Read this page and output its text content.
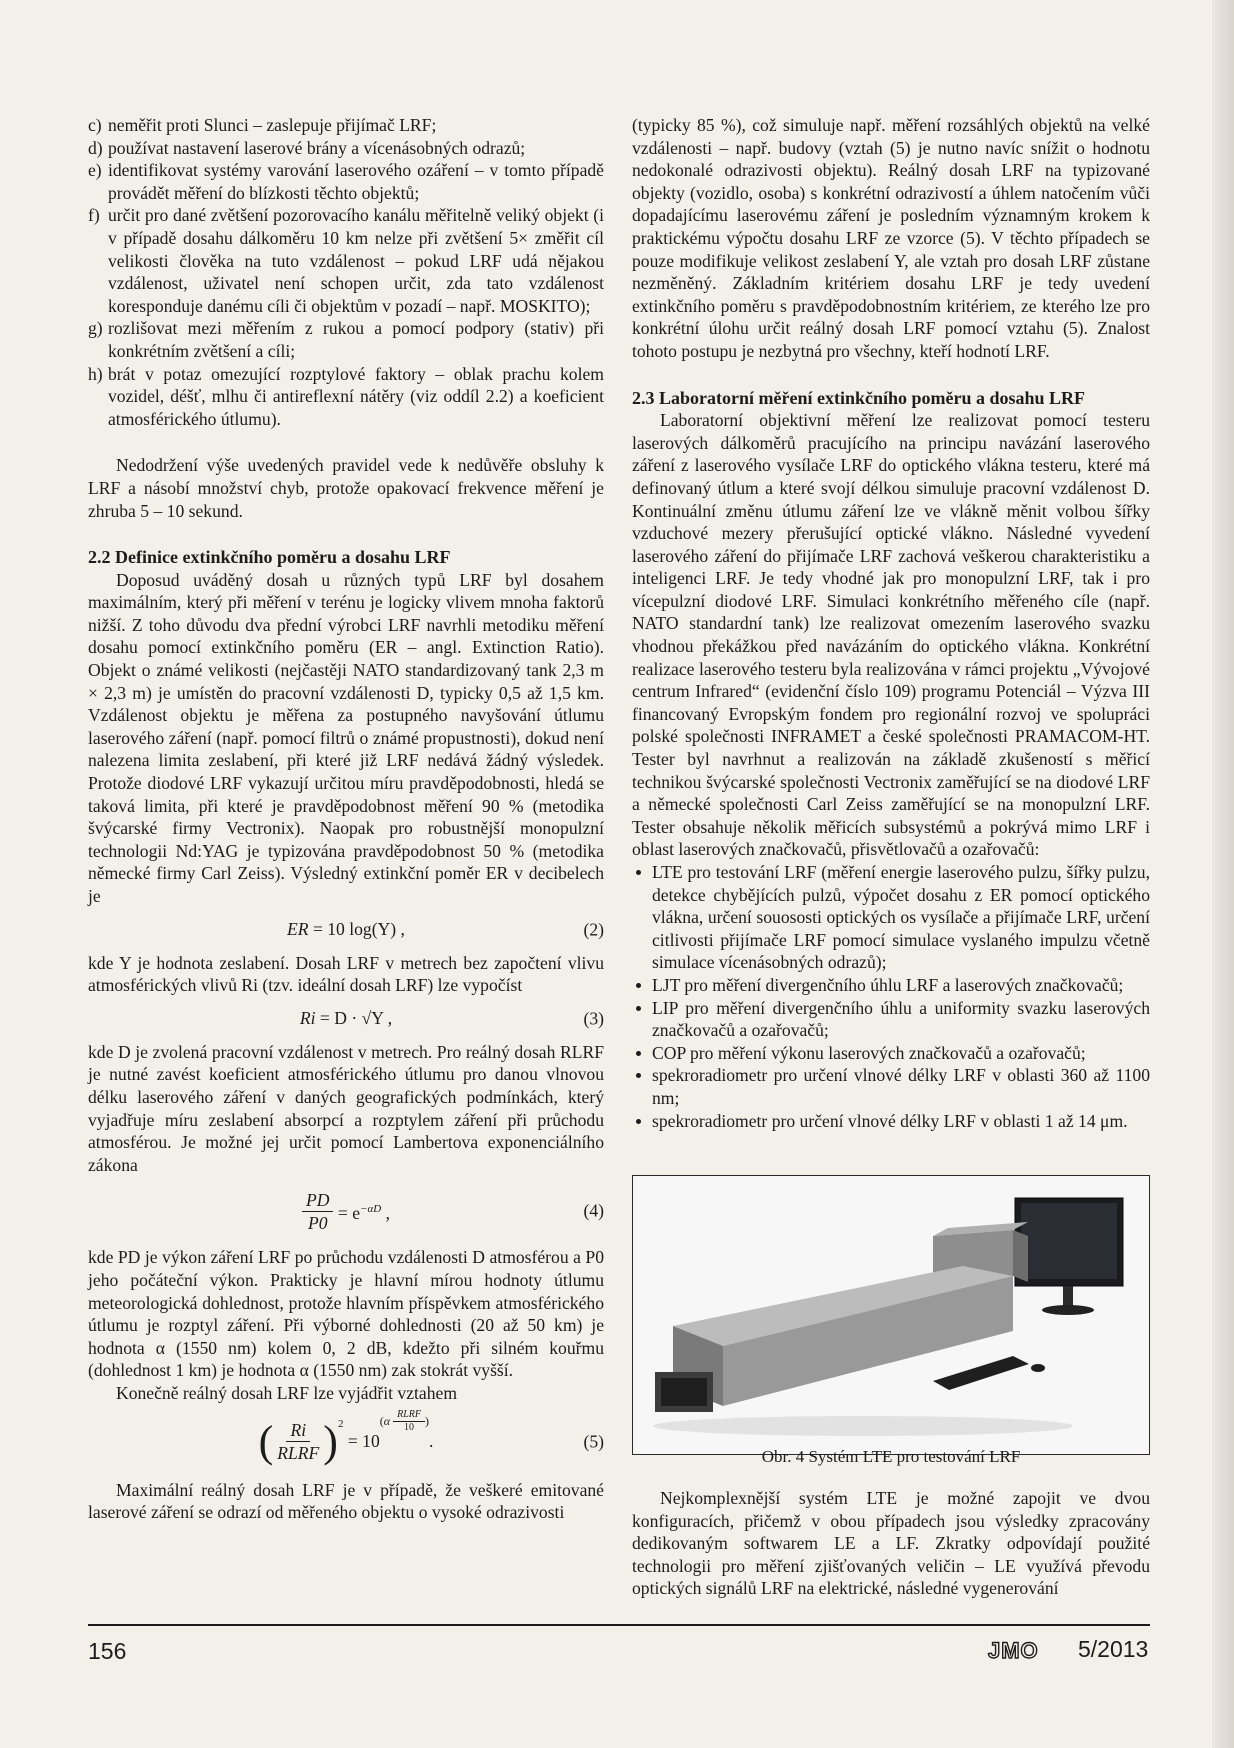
c) neměřit proti Slunci – zaslepuje přijímač LRF;
d) používat nastavení laserové brány a vícenásobných odrazů;
e) identifikovat systémy varování laserového ozáření – v tomto případě provádět měření do blízkosti těchto objektů;
f) určit pro dané zvětšení pozorovacího kanálu měřitelně veliký objekt (i v případě dosahu dálkoměru 10 km nelze při zvětšení 5× změřit cíl velikosti člověka na tuto vzdálenost – pokud LRF udá nějakou vzdálenost, uživatel není schopen určit, zda tato vzdálenost koresponduje danému cíli či objektům v pozadí – např. MOSKITO);
g) rozlišovat mezi měřením z rukou a pomocí podpory (stativ) při konkrétním zvětšení a cíli;
h) brát v potaz omezující rozptylové faktory – oblak prachu kolem vozidel, déšť, mlhu či antireflexní nátěry (viz oddíl 2.2) a koeficient atmosférického útlumu).

Nedodržení výše uvedených pravidel vede k nedůvěře obsluhy k LRF a násobí množství chyb, protože opakovací frekvence měření je zhruba 5 – 10 sekund.

2.2 Definice extinkčního poměru a dosahu LRF

Doposud uváděný dosah u různých typů LRF byl dosahem maximálním, který při měření v terénu je logicky vlivem mnoha faktorů nižší. Z toho důvodu dva přední výrobci LRF navrhli metodiku měření dosahu pomocí extinkčního poměru (ER – angl. Extinction Ratio). Objekt o známé velikosti (nejčastěji NATO standardizovaný tank 2,3 m × 2,3 m) je umístěn do pracovní vzdálenosti D, typicky 0,5 až 1,5 km. Vzdálenost objektu je měřena za postupného navyšování útlumu laserového záření (např. pomocí filtrů o známé propustnosti), dokud není nalezena limita zeslabení, při které již LRF nedává žádný výsledek. Protože diodové LRF vykazují určitou míru pravděpodobnosti, hledá se taková limita, při které je pravděpodobnost měření 90 % (metodika švýcarské firmy Vectronix). Naopak pro robustnější monopulzní technologii Nd:YAG je typizována pravděpodobnost 50 % (metodika německé firmy Carl Zeiss). Výsledný extinkční poměr ER v decibelech je

ER = 10 log(Y) ,	(2)

kde Y je hodnota zeslabení. Dosah LRF v metrech bez započtení vlivu atmosférických vlivů Ri (tzv. ideální dosah LRF) lze vypočíst

Ri = D · √Y ,	(3)

kde D je zvolená pracovní vzdálenost v metrech. Pro reálný dosah RLRF je nutné zavést koeficient atmosférického útlumu pro danou vlnovou délku laserového záření v daných geografických podmínkách, který vyjadřuje míru zeslabení absorpcí a rozptylem záření při průchodu atmosférou. Je možné jej určit pomocí Lambertova exponenciálního zákona

$\frac{PD}{P0} = e^{-\alpha D}$ ,	(4)

kde PD je výkon záření LRF po průchodu vzdálenosti D atmosférou a P0 jeho počáteční výkon. Prakticky je hlavní mírou hodnoty útlumu meteorologická dohlednost, protože hlavním příspěvkem atmosférického útlumu je rozptyl záření. Při výborné dohlednosti (20 až 50 km) je hodnota α (1550 nm) kolem 0, 2 dB, kdežto při silném kouřmu (dohlednost 1 km) je hodnota α (1550 nm) zak stokrát vyšší.

Konečně reálný dosah LRF lze vyjádřit vztahem

( $\frac{Ri}{\text{RLRF}} )^2$
= 10
( α
$\frac{\text{RLRF}}{10}$ )
.	(5)

Maximální reálný dosah LRF je v případě, že veškeré emitované laserové záření se odrazí od měřeného objektu o vysoké odrazivosti

(typicky 85 %), což simuluje např. měření rozsáhlých objektů na velké vzdálenosti – např. budovy (vztah (5) je nutno navíc snížit o hodnotu nedokonalé odrazivosti objektu). Reálný dosah LRF na typizované objekty (vozidlo, osoba) s konkrétní odrazivostí a úhlem natočením vůči dopadajícímu laserovému záření je posledním významným krokem k praktickému výpočtu dosahu LRF ze vzorce (5). V těchto případech se pouze modifikuje velikost zeslabení Y, ale vztah pro dosah LRF zůstane nezměněný. Základním kritériem dosahu LRF je tedy uvedení extinkčního poměru s pravděpodobnostním kritériem, ze kterého lze pro konkrétní úlohu určit reálný dosah LRF pomocí vztahu (5). Znalost tohoto postupu je nezbytná pro všechny, kteří hodnotí LRF.

2.3 Laboratorní měření extinkčního poměru a dosahu LRF

Laboratorní objektivní měření lze realizovat pomocí testeru laserových dálkoměrů pracujícího na principu navázání laserového záření z laserového vysílače LRF do optického vlákna testeru, které má definovaný útlum a které svojí délkou simuluje pracovní vzdálenost D. Kontinuální změnu útlumu záření lze ve vlákně měnit volbou šířky vzduchové mezery přerušující optické vlákno. Následné vyvedení laserového záření do přijímače LRF zachová veškerou charakteristiku a inteligenci LRF. Je tedy vhodné jak pro monopulzní LRF, tak i pro vícepulzní diodové LRF. Simulaci konkrétního měřeného cíle (např. NATO standardní tank) lze realizovat omezením laserového svazku vhodnou překážkou před navázáním do optického vlákna. Konkrétní realizace laserového testeru byla realizována v rámci projektu „Vývojové centrum Infrared“ (evidenční číslo 109) programu Potenciál – Výzva III financovaný Evropským fondem pro regionální rozvoj ve spolupráci polské společnosti INFRAMET a české společnosti PRAMACOM-HT. Tester byl navrhnut a realizován na základě zkušeností s měřicí technikou švýcarské společnosti Vectronix zaměřující se na diodové LRF a německé společnosti Carl Zeiss zaměřující se na monopulzní LRF. Tester obsahuje několik měřicích subsystémů a pokrývá mimo LRF i oblast laserových značkovačů, přisvětlovačů a ozařovačů:

LTE pro testování LRF (měření energie laserového pulzu, šířky pulzu, detekce chybějících pulzů, výpočet dosahu z ER pomocí optického vlákna, určení souososti optických os vysílače a přijímače LRF, určení citlivosti přijímače LRF pomocí simulace vyslaného impulzu včetně simulace vícenásobných odrazů);
LJT pro měření divergenčního úhlu LRF a laserových značkovačů;
LIP pro měření divergenčního úhlu a uniformity svazku laserových značkovačů a ozařovačů;
COP pro měření výkonu laserových značkovačů a ozařovačů;
spekroradiometr pro určení vlnové délky LRF v oblasti 360 až 1100 nm;
spekroradiometr pro určení vlnové délky LRF v oblasti 1 až 14 μm.
Obr. 4 Systém LTE pro testování LRF

Nejkomplexnější systém LTE je možné zapojit ve dvou konfiguracích, přičemž v obou případech jsou výsledky zpracovány dedikovaným softwarem LE a LF. Zkratky odpovídají použité technologii pro měření zjišťovaných veličin – LE využívá převodu optických signálů LRF na elektrické, následné vygenerování

156	JMO 5/2013
